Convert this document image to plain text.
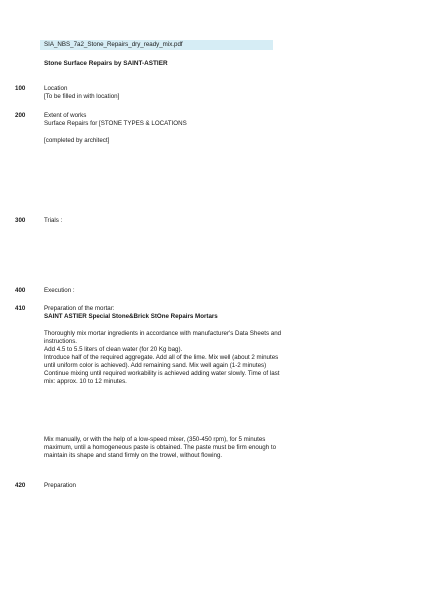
SIA_NBS_7a2_Stone_Repairs_dry_ready_mix.pdf
Stone Surface Repairs by SAINT-ASTIER
100	Location
[To be filled in with location]
200	Extent of works
Surface Repairs for [STONE TYPES & LOCATIONS
[completed by architect]
300	Trials :
400	Execution :
410	Preparation of the mortar:
SAINT ASTIER Special Stone&Brick StOne Repairs Mortars
Thoroughly mix mortar ingredients in accordance with manufacturer's Data Sheets and instructions.
Add 4.5 to 5.5 liters of clean water (for 20 Kg bag).
Introduce half of the required aggregate. Add all of the lime. Mix well (about 2 minutes until uniform color is achieved). Add remaining sand. Mix well again (1-2 minutes) Continue mixing until required workability is achieved adding water slowly. Time of last mix: approx. 10 to 12 minutes.
Mix manually, or with the help of a low-speed mixer, (350-450 rpm), for 5 minutes maximum, until a homogeneous paste is obtained. The paste must be firm enough to maintain its shape and stand firmly on the trowel, without flowing.
420	Preparation
